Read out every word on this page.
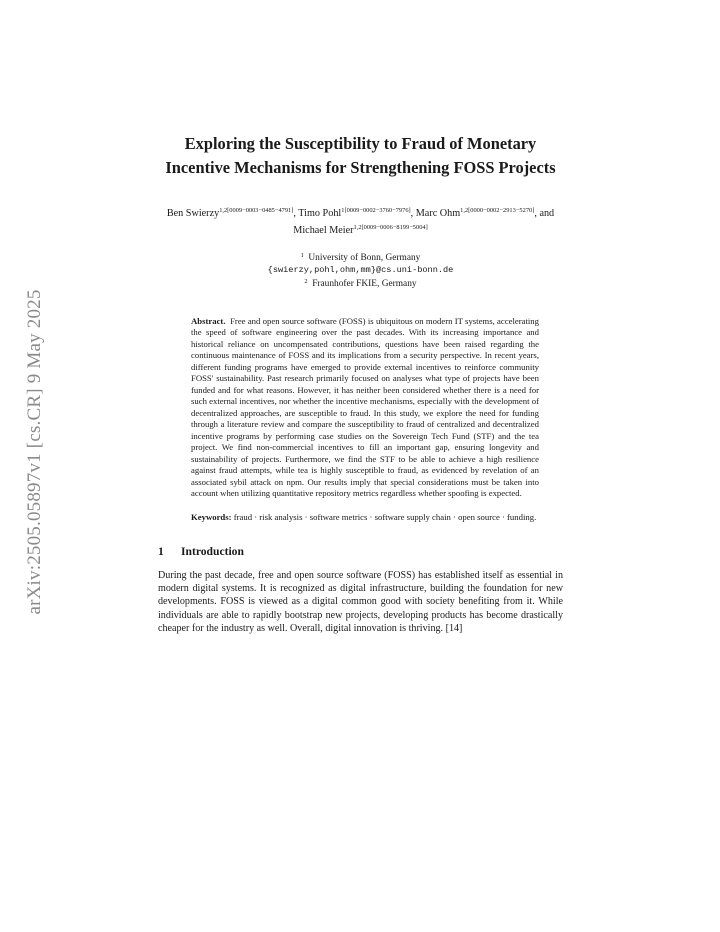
arXiv:2505.05897v1 [cs.CR] 9 May 2025
Exploring the Susceptibility to Fraud of Monetary Incentive Mechanisms for Strengthening FOSS Projects
Ben Swierzy$^{1,2[0009-0003-0485-4791]}$, Timo Pohl$^{1[0009-0002-3760-7976]}$, Marc Ohm$^{1,2[0000-0002-2913-5270]}$, and Michael Meier$^{1,2[0009-0006-8199-5004]}$
$^1$ University of Bonn, Germany
{swierzy,pohl,ohm,mm}@cs.uni-bonn.de
$^2$ Fraunhofer FKIE, Germany
Abstract. Free and open source software (FOSS) is ubiquitous on modern IT systems, accelerating the speed of software engineering over the past decades. With its increasing importance and historical reliance on uncompensated contributions, questions have been raised regarding the continuous maintenance of FOSS and its implications from a security perspective. In recent years, different funding programs have emerged to provide external incentives to reinforce community FOSS' sustainability. Past research primarily focused on analyses what type of projects have been funded and for what reasons. However, it has neither been considered whether there is a need for such external incentives, nor whether the incentive mechanisms, especially with the development of decentralized approaches, are susceptible to fraud. In this study, we explore the need for funding through a literature review and compare the susceptibility to fraud of centralized and decentralized incentive programs by performing case studies on the Sovereign Tech Fund (STF) and the tea project. We find non-commercial incentives to fill an important gap, ensuring longevity and sustainability of projects. Furthermore, we find the STF to be able to achieve a high resilience against fraud attempts, while tea is highly susceptible to fraud, as evidenced by revelation of an associated sybil attack on npm. Our results imply that special considerations must be taken into account when utilizing quantitative repository metrics regardless whether spoofing is expected.
Keywords: fraud · risk analysis · software metrics · software supply chain · open source · funding.
1 Introduction

During the past decade, free and open source software (FOSS) has established itself as essential in modern digital systems. It is recognized as digital infrastructure, building the foundation for new developments. FOSS is viewed as a digital common good with society benefiting from it. While individuals are able to rapidly bootstrap new projects, developing products has become drastically cheaper for the industry as well. Overall, digital innovation is thriving. [14]
